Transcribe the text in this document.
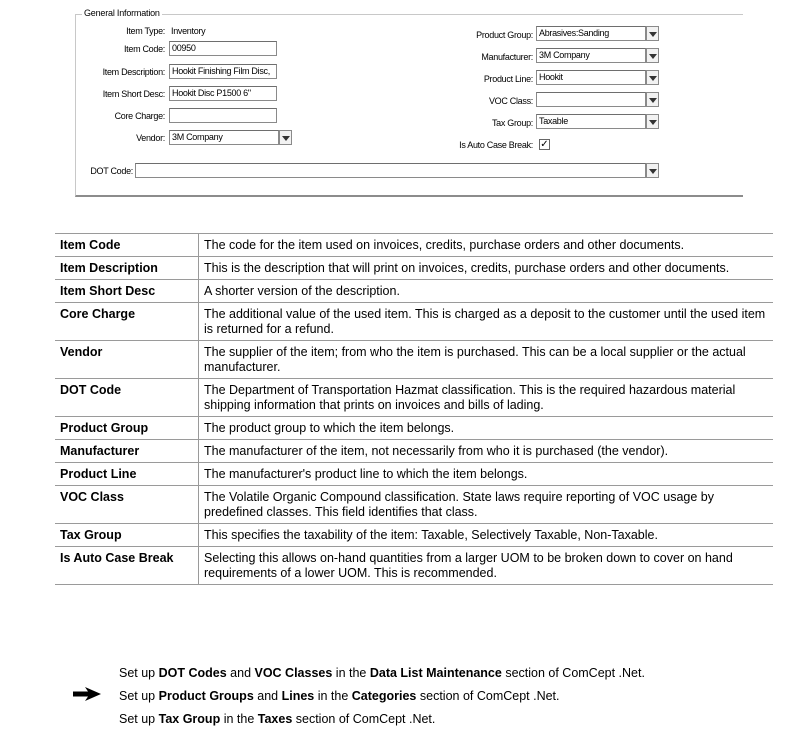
General Information
Item Type: Inventory
Item Code: 00950
Item Description: Hookit Finishing Film Disc,
Item Short Desc: Hookit Disc P1500 6"
Core Charge:
Vendor: 3M Company
Product Group: Abrasives:Sanding
Manufacturer: 3M Company
Product Line: Hookit
VOC Class:
Tax Group: Taxable
Is Auto Case Break: ✓
DOT Code:
Item Code	The code for the item used on invoices, credits, purchase orders and other documents.
Item Description	This is the description that will print on invoices, credits, purchase orders and other documents.
Item Short Desc	A shorter version of the description.
Core Charge	The additional value of the used item. This is charged as a deposit to the customer until the used item is returned for a refund.
Vendor	The supplier of the item; from who the item is purchased. This can be a local supplier or the actual manufacturer.
DOT Code	The Department of Transportation Hazmat classification. This is the required hazardous material shipping information that prints on invoices and bills of lading.
Product Group	The product group to which the item belongs.
Manufacturer	The manufacturer of the item, not necessarily from who it is purchased (the vendor).
Product Line	The manufacturer's product line to which the item belongs.
VOC Class	The Volatile Organic Compound classification. State laws require reporting of VOC usage by predefined classes. This field identifies that class.
Tax Group	This specifies the taxability of the item: Taxable, Selectively Taxable, Non-Taxable.
Is Auto Case Break	Selecting this allows on-hand quantities from a larger UOM to be broken down to cover on hand requirements of a lower UOM. This is recommended.
Set up DOT Codes and VOC Classes in the Data List Maintenance section of ComCept .Net.
Set up Product Groups and Lines in the Categories section of ComCept .Net.
Set up Tax Group in the Taxes section of ComCept .Net.
